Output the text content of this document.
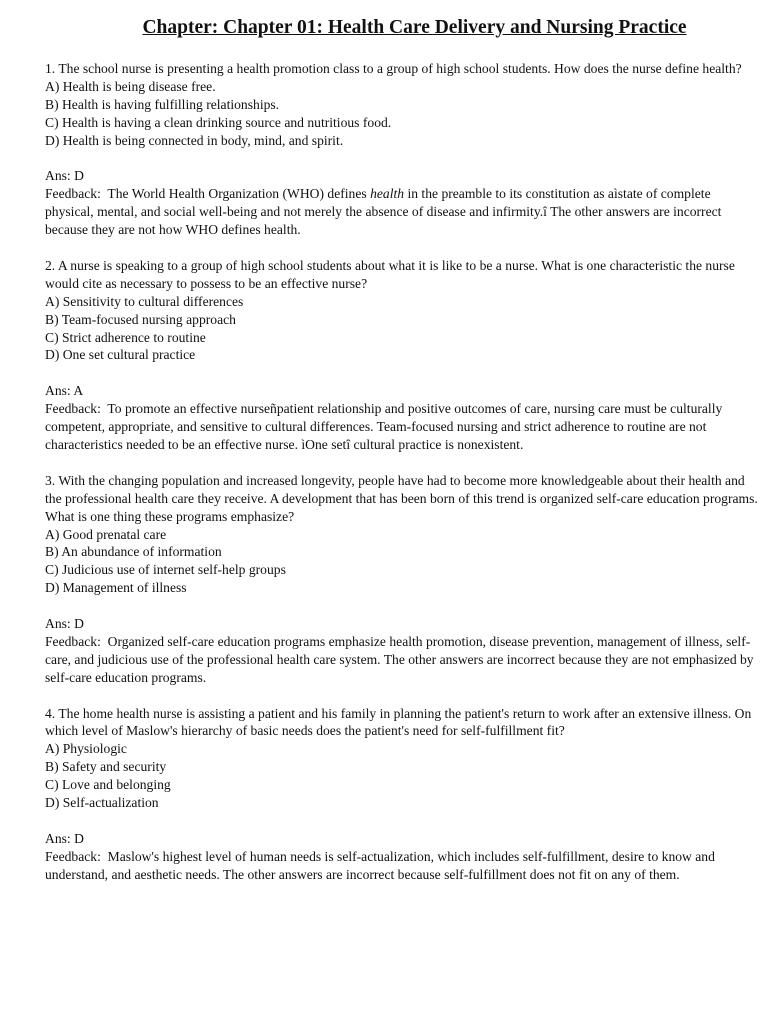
Chapter: Chapter 01: Health Care Delivery and Nursing Practice

1. The school nurse is presenting a health promotion class to a group of high school students. How does the nurse define health?

A) Health is being disease free.
B) Health is having fulfilling relationships.
C) Health is having a clean drinking source and nutritious food.
D) Health is being connected in body, mind, and spirit.
Ans: D
Feedback:  The World Health Organization (WHO) defines health in the preamble to its constitution as aìstate of complete physical, mental, and social well-being and not merely the absence of disease and infirmity.î The other answers are incorrect because they are not how WHO defines health.

2. A nurse is speaking to a group of high school students about what it is like to be a nurse. What is one characteristic the nurse would cite as necessary to possess to be an effective nurse?

A) Sensitivity to cultural differences
B) Team-focused nursing approach
C) Strict adherence to routine
D) One set cultural practice
Ans: A
Feedback:  To promote an effective nurseñpatient relationship and positive outcomes of care, nursing care must be culturally competent, appropriate, and sensitive to cultural differences. Team-focused nursing and strict adherence to routine are not characteristics needed to be an effective nurse. ìOne setî cultural practice is nonexistent.

3. With the changing population and increased longevity, people have had to become more knowledgeable about their health and the professional health care they receive. A development that has been born of this trend is organized self-care education programs. What is one thing these programs emphasize?

A) Good prenatal care
B) An abundance of information
C) Judicious use of internet self-help groups
D) Management of illness
Ans: D
Feedback:  Organized self-care education programs emphasize health promotion, disease prevention, management of illness, self-care, and judicious use of the professional health care system. The other answers are incorrect because they are not emphasized by self-care education programs.

4. The home health nurse is assisting a patient and his family in planning the patient's return to work after an extensive illness. On which level of Maslow's hierarchy of basic needs does the patient's need for self-fulfillment fit?

A) Physiologic
B) Safety and security
C) Love and belonging
D) Self-actualization
Ans: D
Feedback:  Maslow's highest level of human needs is self-actualization, which includes self-fulfillment, desire to know and understand, and aesthetic needs. The other answers are incorrect because self-fulfillment does not fit on any of them.
